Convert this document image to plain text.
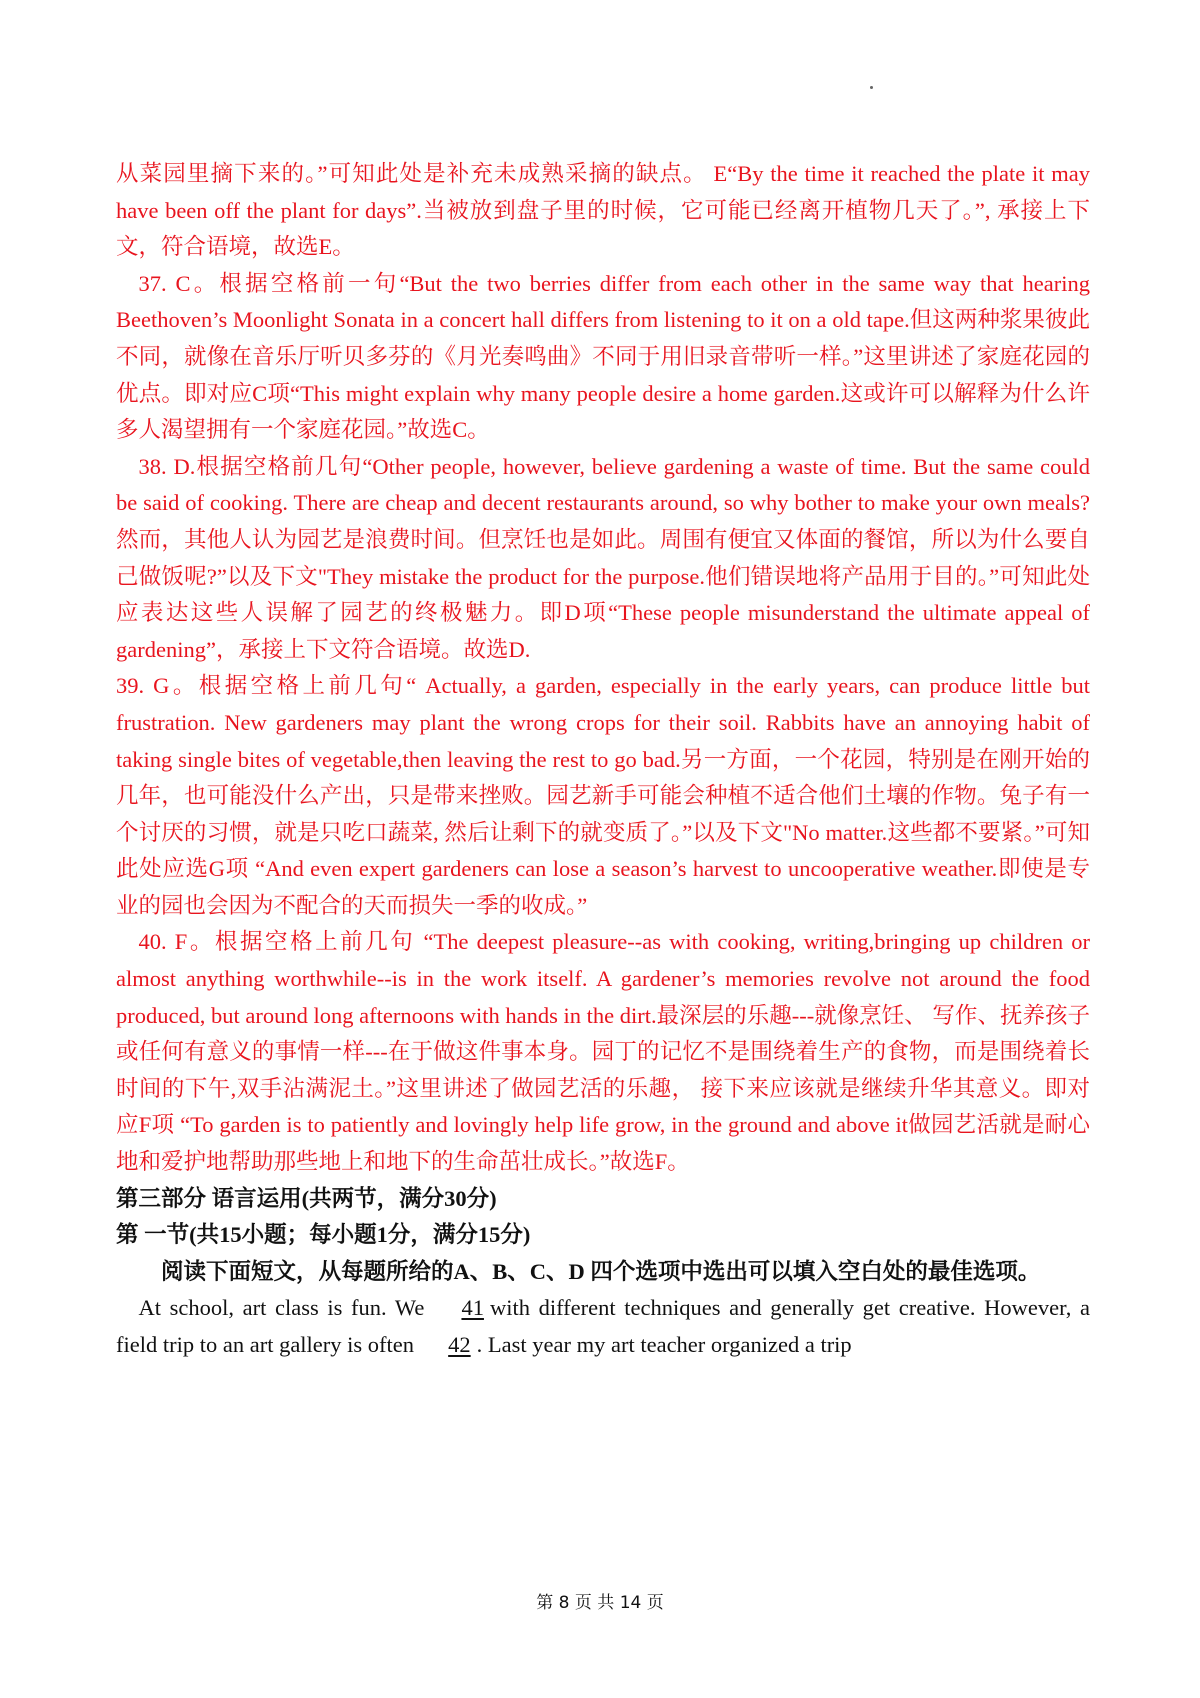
从菜园里摘下来的。”可知此处是补充未成熟采摘的缺点。 E“By the time it reached the plate it may have been off the plant for days”.当被放到盘子里的时候，它可能已经离开植物几天了。”, 承接上下文，符合语境，故选E。

37. C。根据空格前一句“But the two berries differ from each other in the same way that hearing Beethoven’s Moonlight Sonata in a concert hall differs from listening to it on a old tape.但这两种浆果彼此不同，就像在音乐厅听贝多芬的《月光奏鸣曲》不同于用旧录音带听一样。”这里讲述了家庭花园的优点。即对应C项“This might explain why many people desire a home garden.这或许可以解释为什么许多人渴望拥有一个家庭花园。”故选C。

38. D.根据空格前几句“Other people, however, believe gardening a waste of time. But the same could be said of cooking. There are cheap and decent restaurants around, so why bother to make your own meals?然而，其他人认为园艺是浪费时间。但烹饪也是如此。周围有便宜又体面的餐馆，所以为什么要自己做饭呢?”以及下文"They mistake the product for the purpose.他们错误地将产品用于目的。”可知此处应表达这些人误解了园艺的终极魅力。即D项“These people misunderstand the ultimate appeal of gardening”，承接上下文符合语境。故选D.

39. G。根据空格上前几句“ Actually, a garden, especially in the early years, can produce little but frustration. New gardeners may plant the wrong crops for their soil. Rabbits have an annoying habit of taking single bites of vegetable,then leaving the rest to go bad.另一方面，一个花园，特别是在刚开始的几年，也可能没什么产出，只是带来挫败。园艺新手可能会种植不适合他们土壤的作物。兔子有一个讨厌的习惯，就是只吃口蔬菜, 然后让剩下的就变质了。”以及下文"No matter.这些都不要紧。”可知 此处应选G项 “And even expert gardeners can lose a season’s harvest to uncooperative weather.即使是专业的园也会因为不配合的天而损失一季的收成。”

40. F。根据空格上前几句 “The deepest pleasure--as with cooking, writing,bringing up children or almost anything worthwhile--is in the work itself. A gardener’s memories revolve not around the food produced, but around long afternoons with hands in the dirt.最深层的乐趣---就像烹饪、 写作、抚养孩子或任何有意义的事情一样---在于做这件事本身。园丁的记忆不是围绕着生产的食物，而是围绕着长时间的下午,双手沾满泥土。”这里讲述了做园艺活的乐趣， 接下来应该就是继续升华其意义。即对应F项 “To garden is to patiently and lovingly help life grow, in the ground and above it做园艺活就是耐心地和爱护地帮助那些地上和地下的生命茁壮成长。”故选F。

第三部分 语言运用(共两节，满分30分)

第 一节(共15小题；每小题1分，满分15分)

阅读下面短文，从每题所给的A、B、C、D 四个选项中选出可以填入空白处的最佳选项。

At school, art class is fun. We 41 with different techniques and generally get creative. However, a field trip to an art gallery is often 42 . Last year my art teacher organized a trip

第 8 页 共 14 页
